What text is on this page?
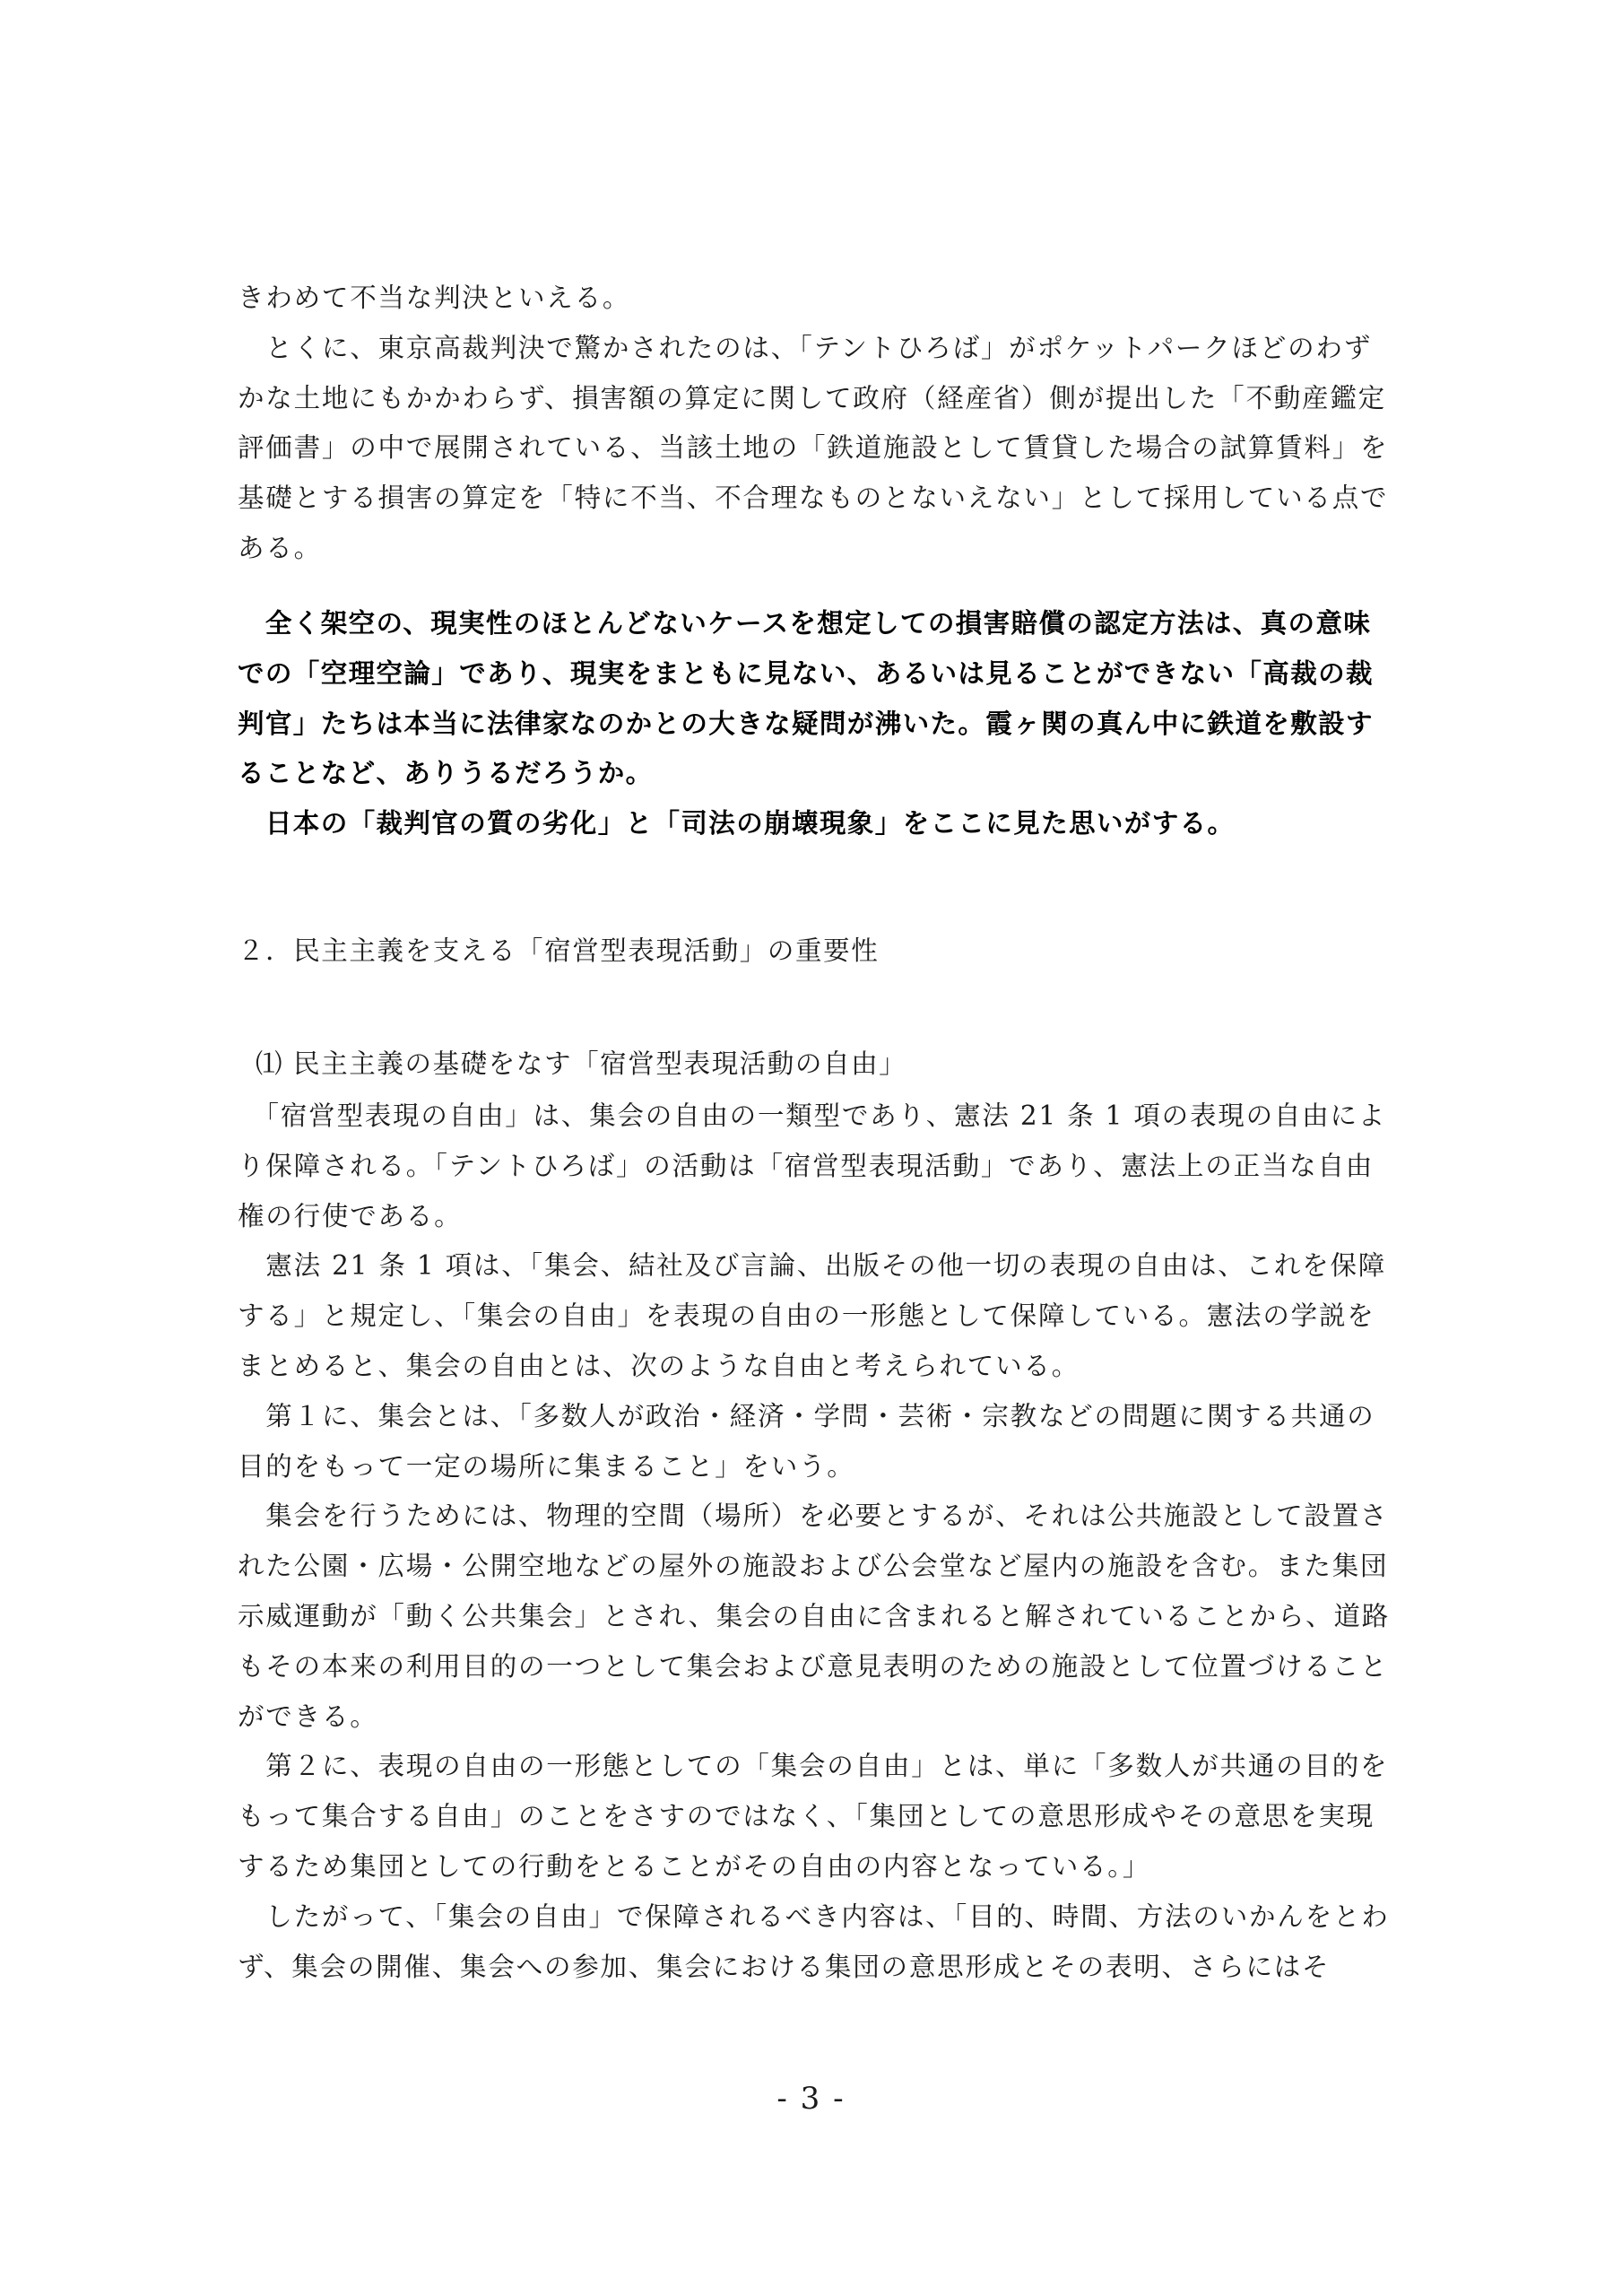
きわめて不当な判決といえる。
　とくに、東京高裁判決で驚かされたのは、「テントひろば」がポケットパークほどのわずかな土地にもかかわらず、損害額の算定に関して政府（経産省）側が提出した「不動産鑑定評価書」の中で展開されている、当該土地の「鉄道施設として賃貸した場合の試算賃料」を基礎とする損害の算定を「特に不当、不合理なものとないえない」として採用している点である。
　全く架空の、現実性のほとんどないケースを想定しての損害賠償の認定方法は、真の意味での「空理空論」であり、現実をまともに見ない、あるいは見ることができない「高裁の裁判官」たちは本当に法律家なのかとの大きな疑問が沸いた。霞ヶ関の真ん中に鉄道を敷設することなど、ありうるだろうか。
　日本の「裁判官の質の劣化」と「司法の崩壊現象」をここに見た思いがする。

２．民主主義を支える「宿営型表現活動」の重要性

⑴ 民主主義の基礎をなす「宿営型表現活動の自由」

　「宿営型表現の自由」は、集会の自由の一類型であり、憲法 21 条 1 項の表現の自由により保障される。「テントひろば」の活動は「宿営型表現活動」であり、憲法上の正当な自由権の行使である。
　憲法 21 条 1 項は、「集会、結社及び言論、出版その他一切の表現の自由は、これを保障する」と規定し、「集会の自由」を表現の自由の一形態として保障している。憲法の学説をまとめると、集会の自由とは、次のような自由と考えられている。
　第１に、集会とは、「多数人が政治・経済・学問・芸術・宗教などの問題に関する共通の目的をもって一定の場所に集まること」をいう。
　集会を行うためには、物理的空間（場所）を必要とするが、それは公共施設として設置された公園・広場・公開空地などの屋外の施設および公会堂など屋内の施設を含む。また集団示威運動が「動く公共集会」とされ、集会の自由に含まれると解されていることから、道路もその本来の利用目的の一つとして集会および意見表明のための施設として位置づけることができる。
　第２に、表現の自由の一形態としての「集会の自由」とは、単に「多数人が共通の目的をもって集合する自由」のことをさすのではなく、「集団としての意思形成やその意思を実現するため集団としての行動をとることがその自由の内容となっている。」
　したがって、「集会の自由」で保障されるべき内容は、「目的、時間、方法のいかんをとわず、集会の開催、集会への参加、集会における集団の意思形成とその表明、さらにはそ

- 3 -
